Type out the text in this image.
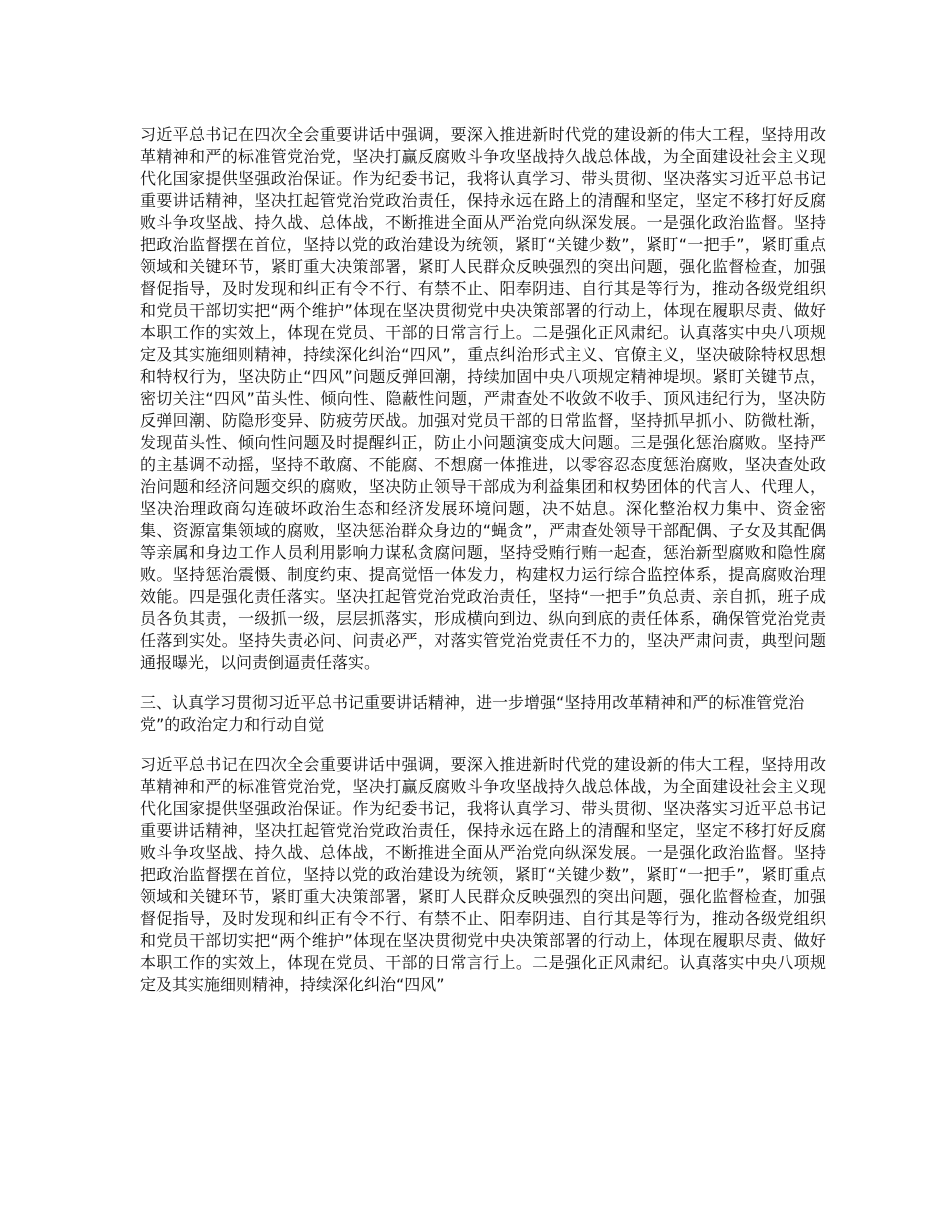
习近平总书记在四次全会重要讲话中强调，要深入推进新时代党的建设新的伟大工程，坚持用改革精神和严的标准管党治党，坚决打赢反腐败斗争攻坚战持久战总体战，为全面建设社会主义现代化国家提供坚强政治保证。作为纪委书记，我将认真学习、带头贯彻、坚决落实习近平总书记重要讲话精神，坚决扛起管党治党政治责任，保持永远在路上的清醒和坚定，坚定不移打好反腐败斗争攻坚战、持久战、总体战，不断推进全面从严治党向纵深发展。一是强化政治监督。坚持把政治监督摆在首位，坚持以党的政治建设为统领，紧盯“关键少数”，紧盯“一把手”，紧盯重点领域和关键环节，紧盯重大决策部署，紧盯人民群众反映强烈的突出问题，强化监督检查，加强督促指导，及时发现和纠正有令不行、有禁不止、阳奉阴违、自行其是等行为，推动各级党组织和党员干部切实把“两个维护”体现在坚决贯彻党中央决策部署的行动上，体现在履职尽责、做好本职工作的实效上，体现在党员、干部的日常言行上。二是强化正风肃纪。认真落实中央八项规定及其实施细则精神，持续深化纠治“四风”，重点纠治形式主义、官僚主义，坚决破除特权思想和特权行为，坚决防止“四风”问题反弹回潮，持续加固中央八项规定精神堤坝。紧盯关键节点，密切关注“四风”苗头性、倾向性、隐蔽性问题，严肃查处不收敛不收手、顶风违纪行为，坚决防反弹回潮、防隐形变异、防疲劳厌战。加强对党员干部的日常监督，坚持抓早抓小、防微杜渐，发现苗头性、倾向性问题及时提醒纠正，防止小问题演变成大问题。三是强化惩治腐败。坚持严的主基调不动摇，坚持不敢腐、不能腐、不想腐一体推进，以零容忍态度惩治腐败，坚决查处政治问题和经济问题交织的腐败，坚决防止领导干部成为利益集团和权势团体的代言人、代理人，坚决治理政商勾连破坏政治生态和经济发展环境问题，决不姑息。深化整治权力集中、资金密集、资源富集领域的腐败，坚决惩治群众身边的“蝇贪”，严肃查处领导干部配偶、子女及其配偶等亲属和身边工作人员利用影响力谋私贪腐问题，坚持受贿行贿一起查，惩治新型腐败和隐性腐败。坚持惩治震慑、制度约束、提高觉悟一体发力，构建权力运行综合监控体系，提高腐败治理效能。四是强化责任落实。坚决扛起管党治党政治责任，坚持“一把手”负总责、亲自抓，班子成员各负其责，一级抓一级，层层抓落实，形成横向到边、纵向到底的责任体系，确保管党治党责任落到实处。坚持失责必问、问责必严，对落实管党治党责任不力的，坚决严肃问责，典型问题通报曝光，以问责倒逼责任落实。

三、认真学习贯彻习近平总书记重要讲话精神，进一步增强“坚持用改革精神和严的标准管党治党”的政治定力和行动自觉

习近平总书记在四次全会重要讲话中强调，要深入推进新时代党的建设新的伟大工程，坚持用改革精神和严的标准管党治党，坚决打赢反腐败斗争攻坚战持久战总体战，为全面建设社会主义现代化国家提供坚强政治保证。作为纪委书记，我将认真学习、带头贯彻、坚决落实习近平总书记重要讲话精神，坚决扛起管党治党政治责任，保持永远在路上的清醒和坚定，坚定不移打好反腐败斗争攻坚战、持久战、总体战，不断推进全面从严治党向纵深发展。一是强化政治监督。坚持把政治监督摆在首位，坚持以党的政治建设为统领，紧盯“关键少数”，紧盯“一把手”，紧盯重点领域和关键环节，紧盯重大决策部署，紧盯人民群众反映强烈的突出问题，强化监督检查，加强督促指导，及时发现和纠正有令不行、有禁不止、阳奉阴违、自行其是等行为，推动各级党组织和党员干部切实把“两个维护”体现在坚决贯彻党中央决策部署的行动上，体现在履职尽责、做好本职工作的实效上，体现在党员、干部的日常言行上。二是强化正风肃纪。认真落实中央八项规定及其实施细则精神，持续深化纠治“四风”
